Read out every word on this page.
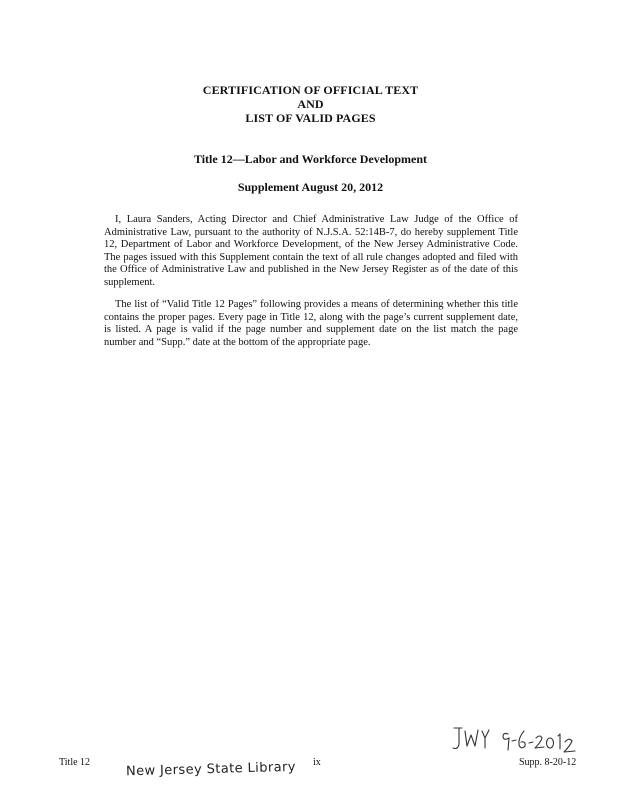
CERTIFICATION OF OFFICIAL TEXT
AND
LIST OF VALID PAGES
Title 12—Labor and Workforce Development
Supplement August 20, 2012

I, Laura Sanders, Acting Director and Chief Administrative Law Judge of the Office of Administrative Law, pursuant to the authority of N.J.S.A. 52:14B-7, do hereby supplement Title 12, Department of Labor and Workforce Development, of the New Jersey Administrative Code. The pages issued with this Supplement contain the text of all rule changes adopted and filed with the Office of Administrative Law and published in the New Jersey Register as of the date of this supplement.

The list of “Valid Title 12 Pages” following provides a means of determining whether this title contains the proper pages. Every page in Title 12, along with the page’s current supplement date, is listed. A page is valid if the page number and supplement date on the list match the page number and “Supp.” date at the bottom of the appropriate page.

Title 12	ix	Supp. 8-20-12
New Jersey State Library
